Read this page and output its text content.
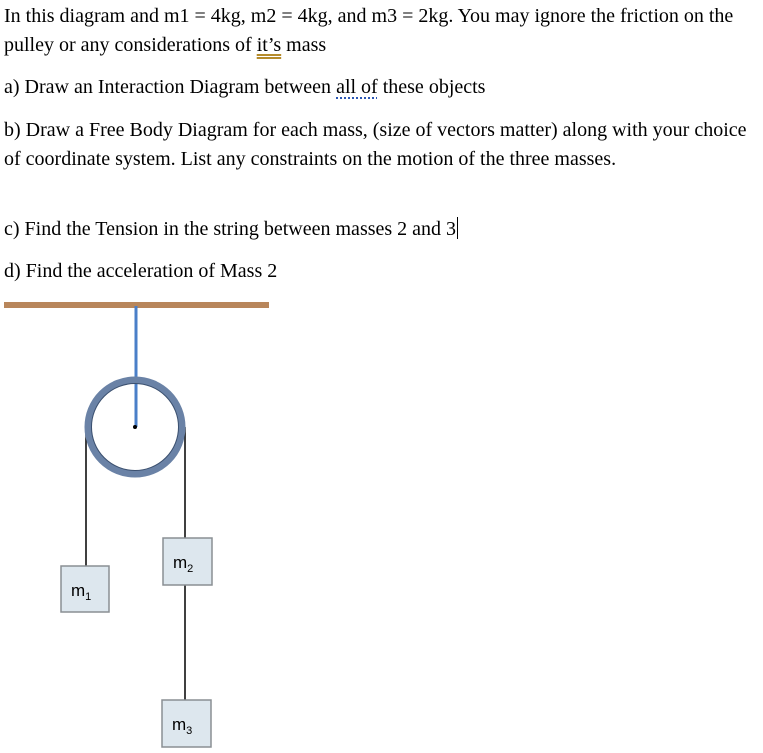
In this diagram and m1 = 4kg, m2 = 4kg, and m3 = 2kg. You may ignore the friction on the pulley or any considerations of it’s mass

a) Draw an Interaction Diagram between all of these objects

b) Draw a Free Body Diagram for each mass, (size of vectors matter) along with your choice of coordinate system. List any constraints on the motion of the three masses.

c) Find the Tension in the string between masses 2 and 3

d) Find the acceleration of Mass 2

$m_1$
$m_2$
$m_3$
